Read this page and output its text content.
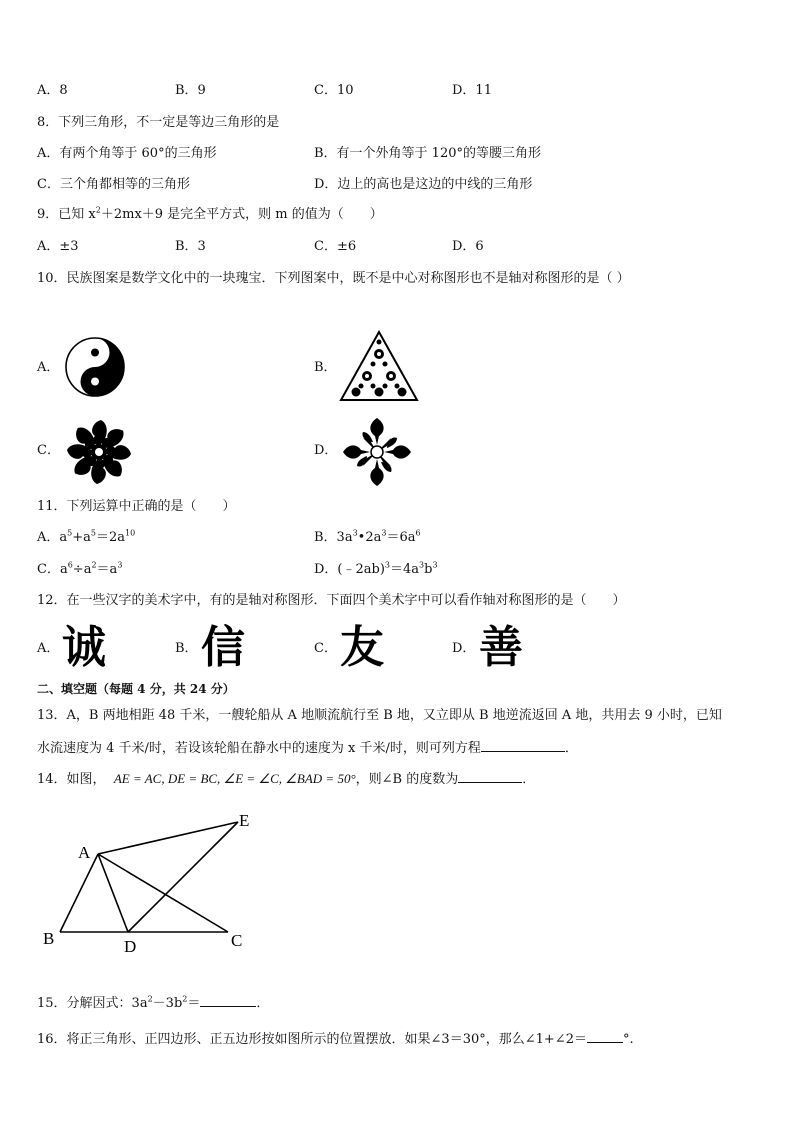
A．8	B．9	C．10	D．11
8．下列三角形，不一定是等边三角形的是
A．有两个角等于 60°的三角形	B．有一个外角等于 120°的等腰三角形
C．三个角都相等的三角形	D．边上的高也是这边的中线的三角形
9．已知 $x^2+2mx+9$ 是完全平方式，则 m 的值为（　　）
A．±3	B．3	C．±6	D．6
10．民族图案是数学文化中的一块瑰宝．下列图案中，既不是中心对称图形也不是轴对称图形的是（ ）
A．	B．
C．	D．
11．下列运算中正确的是（　　）
A．$a^5+a^5=2a^{10}$	B．$3a^3•2a^3=6a^6$
C．$a^6\div a^2=a^3$	D．$(﹣2ab)^3=4a^3b^3$
12．在一些汉字的美术字中，有的是轴对称图形．下面四个美术字中可以看作轴对称图形的是（　　）
A． 诚	B． 信	C． 友	D． 善
二、填空题（每题 4 分，共 24 分）
13．A，B 两地相距 48 千米，一艘轮船从 A 地顺流航行至 B 地，又立即从 B 地逆流返回 A 地，共用去 9 小时，已知
水流速度为 4 千米/时，若设该轮船在静水中的速度为 x 千米/时，则可列方程	．
14．如图， AE = AC, DE = BC, ∠E = ∠C, ∠BAD = 50°，则∠B 的度数为	．
A
B	C
D
E
15．分解因式：$3a^2-3b^2=$	．
16．将正三角形、正四边形、正五边形按如图所示的位置摆放．如果∠3＝30°，那么∠1+∠2＝	°.
